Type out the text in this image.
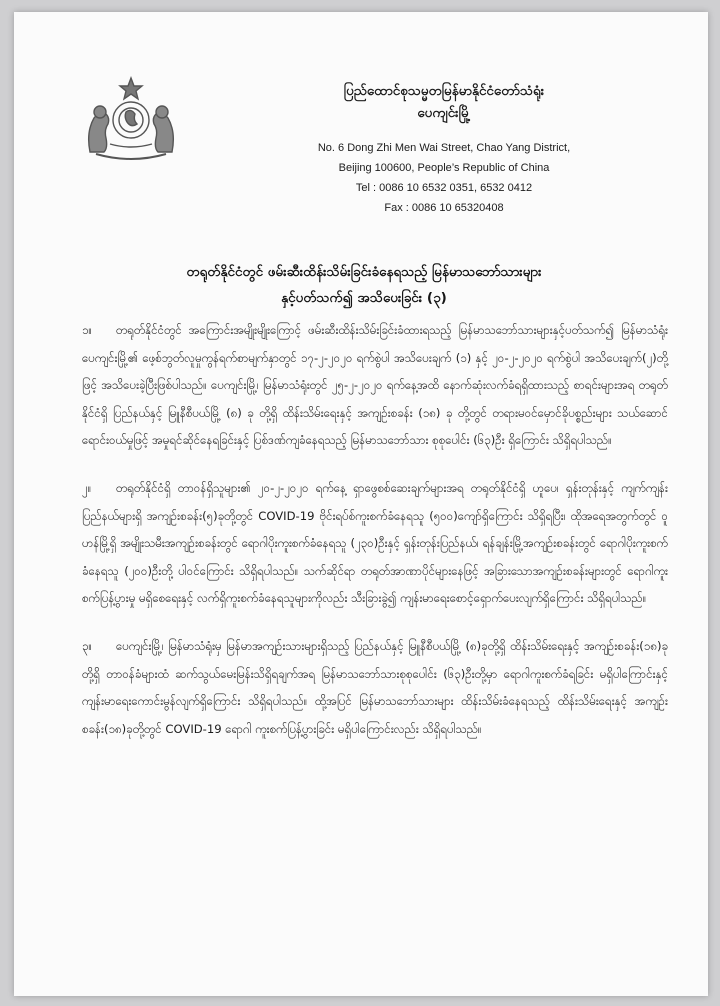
ပြည်ထောင်စုသမ္မတမြန်မာနိုင်ငံတော်သံရုံး
ပေကျင်းမြို့
No. 6 Dong Zhi Men Wai Street, Chao Yang District,
Beijing 100600, People’s Republic of China
Tel : 0086 10 6532 0351, 6532 0412
Fax : 0086 10 65320408
တရုတ်နိုင်ငံတွင် ဖမ်းဆီးထိန်းသိမ်းခြင်းခံနေရသည့် မြန်မာသဘော်သားများ
နှင့်ပတ်သက်၍ အသိပေးခြင်း (၃)

၁။ တရုတ်နိုင်ငံတွင် အကြောင်းအမျိုးမျိုးကြောင့် ဖမ်းဆီးထိန်းသိမ်းခြင်းခံထားရသည့် မြန်မာသဘော်သားများနှင့်ပတ်သက်၍ မြန်မာသံရုံး ပေကျင်းမြို့၏ ဖေ့စ်ဘွတ်လူမှုကွန်ရက်စာမျက်နှာတွင် ၁၇-၂-၂၀၂၀ ရက်စွဲပါ အသိပေးချက် (၁) နှင့် ၂၀-၂-၂၀၂၀ ရက်စွဲပါ အသိပေးချက်(၂)တို့ဖြင့် အသိပေးခဲ့ပြီးဖြစ်ပါသည်။ ပေကျင်းမြို့၊ မြန်မာသံရုံးတွင် ၂၅-၂-၂၀၂၀ ရက်နေ့အထိ နောက်ဆုံးလက်ခံရရှိထားသည့် စာရင်းများအရ တရုတ်နိုင်ငံရှိ ပြည်နယ်နှင့် မြူနီစီပယ်မြို့ (၈) ခု တို့ရှိ ထိန်းသိမ်းရေးနှင့် အကျဉ်းစခန်း (၁၈) ခု တို့တွင် တရားမဝင်မှောင်ခိုပစ္စည်းများ သယ်ဆောင်ရောင်းဝယ်မှုဖြင့် အမှုရင်ဆိုင်နေရခြင်းနှင့် ပြစ်ဒဏ်ကျခံနေရသည့် မြန်မာသဘော်သား စုစုပေါင်း (၆၃)ဦး ရှိကြောင်း သိရှိရပါသည်။

၂။ တရုတ်နိုင်ငံရှိ တာဝန်ရှိသူများ၏ ၂၀-၂-၂၀၂၀ ရက်နေ့ ရှာဖွေစစ်ဆေးချက်များအရ တရုတ်နိုင်ငံရှိ ဟူပေ၊ ရှန်းတုန်းနှင့် ကျက်ကျန်းပြည်နယ်များရှိ အကျဉ်းစခန်း(၅)ခုတို့တွင် COVID-19 ဗိုင်းရပ်စ်ကူးစက်ခံနေရသူ (၅၀၀)ကျော်ရှိကြောင်း သိရှိရပြီး၊ ထိုအရေအတွက်တွင် ဝူဟန်မြို့ရှိ အမျိုးသမီးအကျဉ်းစခန်းတွင် ရောဂါပိုးကူးစက်ခံနေရသူ (၂၃၀)ဦးနှင့် ရှန်းတုန်းပြည်နယ်၊ ရန်ချန်းမြို့အကျဉ်းစခန်းတွင် ရောဂါပိုးကူးစက်ခံနေရသူ (၂၀၀)ဦးတို့ ပါဝင်ကြောင်း သိရှိရပါသည်။ သက်ဆိုင်ရာ တရုတ်အာဏာပိုင်များနေဖြင့် အခြားသောအကျဉ်းစခန်းများတွင် ရောဂါကူးစက်ပြန့်ပွားမှု မရှိစေရေးနှင့် လက်ရှိကူးစက်ခံနေရသူများကိုလည်း သီးခြားခွဲ၍ ကျန်းမာရေးစောင့်ရှောက်ပေးလျက်ရှိကြောင်း သိရှိရပါသည်။

၃။ ပေကျင်းမြို့၊ မြန်မာသံရုံးမှ မြန်မာအကျဉ်းသားများရှိသည့် ပြည်နယ်နှင့် မြူနီစီပယ်မြို့ (၈)ခုတို့ရှိ ထိန်းသိမ်းရေးနှင့် အကျဉ်းစခန်း(၁၈)ခုတို့ရှိ တာဝန်ခံများထံ ဆက်သွယ်မေးမြန်းသိရှိရချက်အရ မြန်မာသဘော်သားစုစုပေါင်း (၆၃)ဦးတို့မှာ ရောဂါကူးစက်ခံရခြင်း မရှိပါကြောင်းနှင့် ကျန်းမာရေးကောင်းမွန်လျက်ရှိကြောင်း သိရှိရပါသည်။ ထို့အပြင် မြန်မာသဘော်သားများ ထိန်းသိမ်းခံနေရသည့် ထိန်းသိမ်းရေးနှင့် အကျဉ်းစခန်း(၁၈)ခုတို့တွင် COVID-19 ရောဂါ ကူးစက်ပြန့်ပွားခြင်း မရှိပါကြောင်းလည်း သိရှိရပါသည်။
